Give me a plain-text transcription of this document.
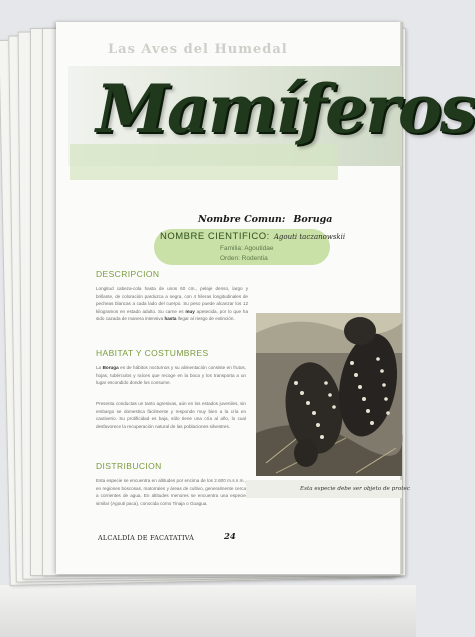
Las Aves del Humedal
Mamíferos
Nombre Comun: Boruga
NOMBRE CIENTIFICO: Agouti taczanowskii
Familia: Agoutidae
Orden: Rodentia
DESCRIPCION
Longitud cabeza-cola hasta de unos 60 cm., pelaje denso, largo y brillante, de coloración parduzca a negra, con 4 hileras longitudinales de pecheas blancas a cada lado del cuerpo. Su peso puede alcanzar los 12 kilogramos en estado adulto. Su carne es muy apetecida, por lo que ha sido cazada de manera intensiva hasta llegar al riesgo de extinción.
HABITAT Y COSTUMBRES
La Boruga es de hábitos nocturnos y su alimentación consiste en frutos, hojas, tubérculos y raíces que recoge en la boca y los transporta a un lugar escondido donde los consume.
Presenta conductas un tanto agresivas, aún en los estados juveniles, sin embargo se domestica fácilmente y responde muy bien a la cría en cautiverio. Su prolificidad es baja, sólo tiene una cría al año, lo cual desfavorece la recuperación natural de las poblaciones silvestres.
DISTRIBUCION
Esta especie se encuentra en altitudes por encima de los 2.600 m.s.n.m., en regiones boscosas, matorrales y áreas de cultivo, generalmente cerca a corrientes de agua. En altitudes menores se encuentra una especie similar (Agouti paca), conocida como Tinaja o Guagua.
Esta especie debe ser objeto de protec
ALCALDÍA DE FACATATIVÁ	24
